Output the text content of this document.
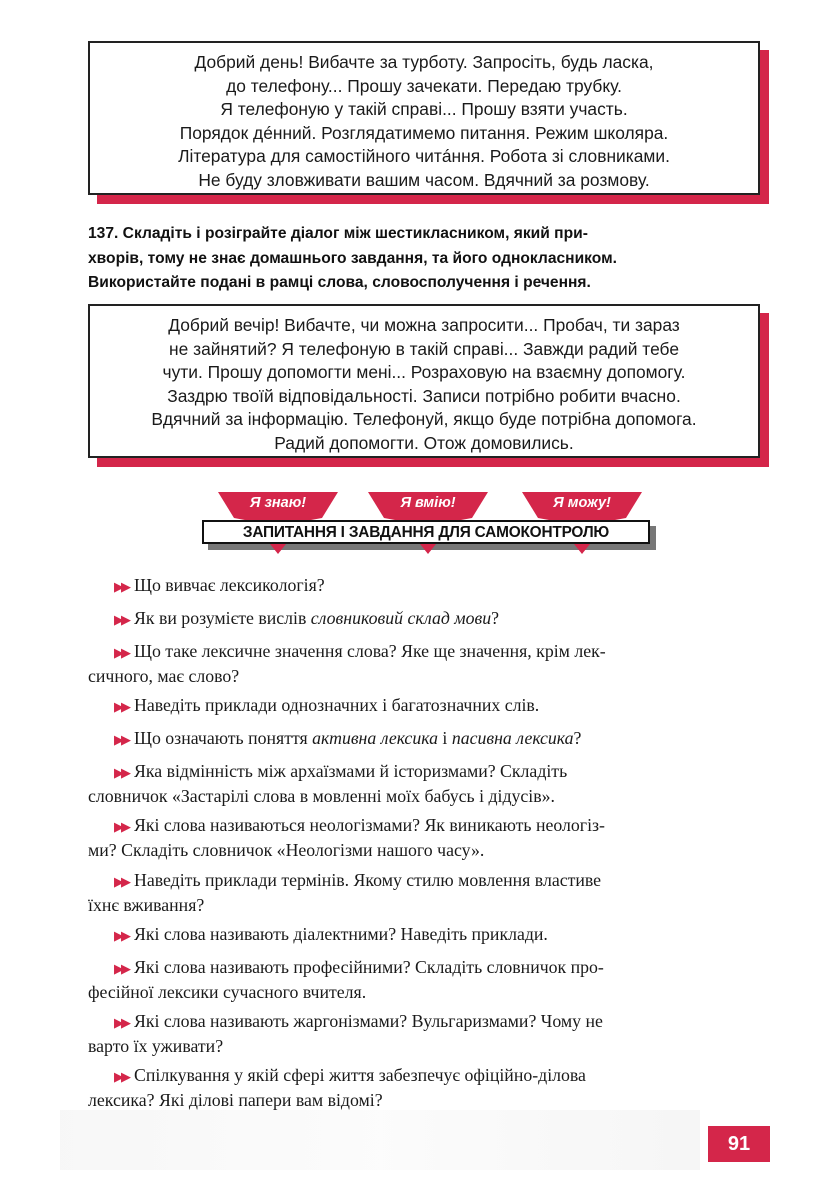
Добрий день! Вибачте за турботу. Запросіть, будь ласка,
до телефону... Прошу зачекати. Передаю трубку.
Я телефоную у такій справі... Прошу взяти участь.
Порядок дéнний. Розглядатимемо питання. Режим школяра.
Література для самостійного читáння. Робота зі словниками.
Не буду зловживати вашим часом. Вдячний за розмову.
137. Складіть і розіграйте діалог між шестикласником, який при-
хворів, тому не знає домашнього завдання, та його однокласником.
Використайте подані в рамці слова, словосполучення і речення.
Добрий вечір! Вибачте, чи можна запросити... Пробач, ти зараз
не зайнятий? Я телефоную в такій справі... Завжди радий тебе
чути. Прошу допомогти мені... Розраховую на взаємну допомогу.
Заздрю твоїй відповідальності. Записи потрібно робити вчасно.
Вдячний за інформацію. Телефонуй, якщо буде потрібна допомога.
Радий допомогти. Отож домовились.
Я знаю!	Я вмію!	Я можу!
ЗАПИТАННЯ І ЗАВДАННЯ ДЛЯ САМОКОНТРОЛЮ
▶▶ Що вивчає лексикологія?
▶▶ Як ви розумієте вислів словниковий склад мови?
▶▶ Що таке лексичне значення слова? Яке ще значення, крім лек-
сичного, має слово?
▶▶ Наведіть приклади однозначних і багатозначних слів.
▶▶ Що означають поняття активна лексика і пасивна лексика?
▶▶ Яка відмінність між архаїзмами й історизмами? Складіть
словничок «Застарілі слова в мовленні моїх бабусь і дідусів».
▶▶ Які слова називаються неологізмами? Як виникають неологіз-
ми? Складіть словничок «Неологізми нашого часу».
▶▶ Наведіть приклади термінів. Якому стилю мовлення властиве
їхнє вживання?
▶▶ Які слова називають діалектними? Наведіть приклади.
▶▶ Які слова називають професійними? Складіть словничок про-
фесійної лексики сучасного вчителя.
▶▶ Які слова називають жаргонізмами? Вульгаризмами? Чому не
варто їх уживати?
▶▶ Спілкування у якій сфері життя забезпечує офіційно-ділова
лексика? Які ділові папери вам відомі?
91
